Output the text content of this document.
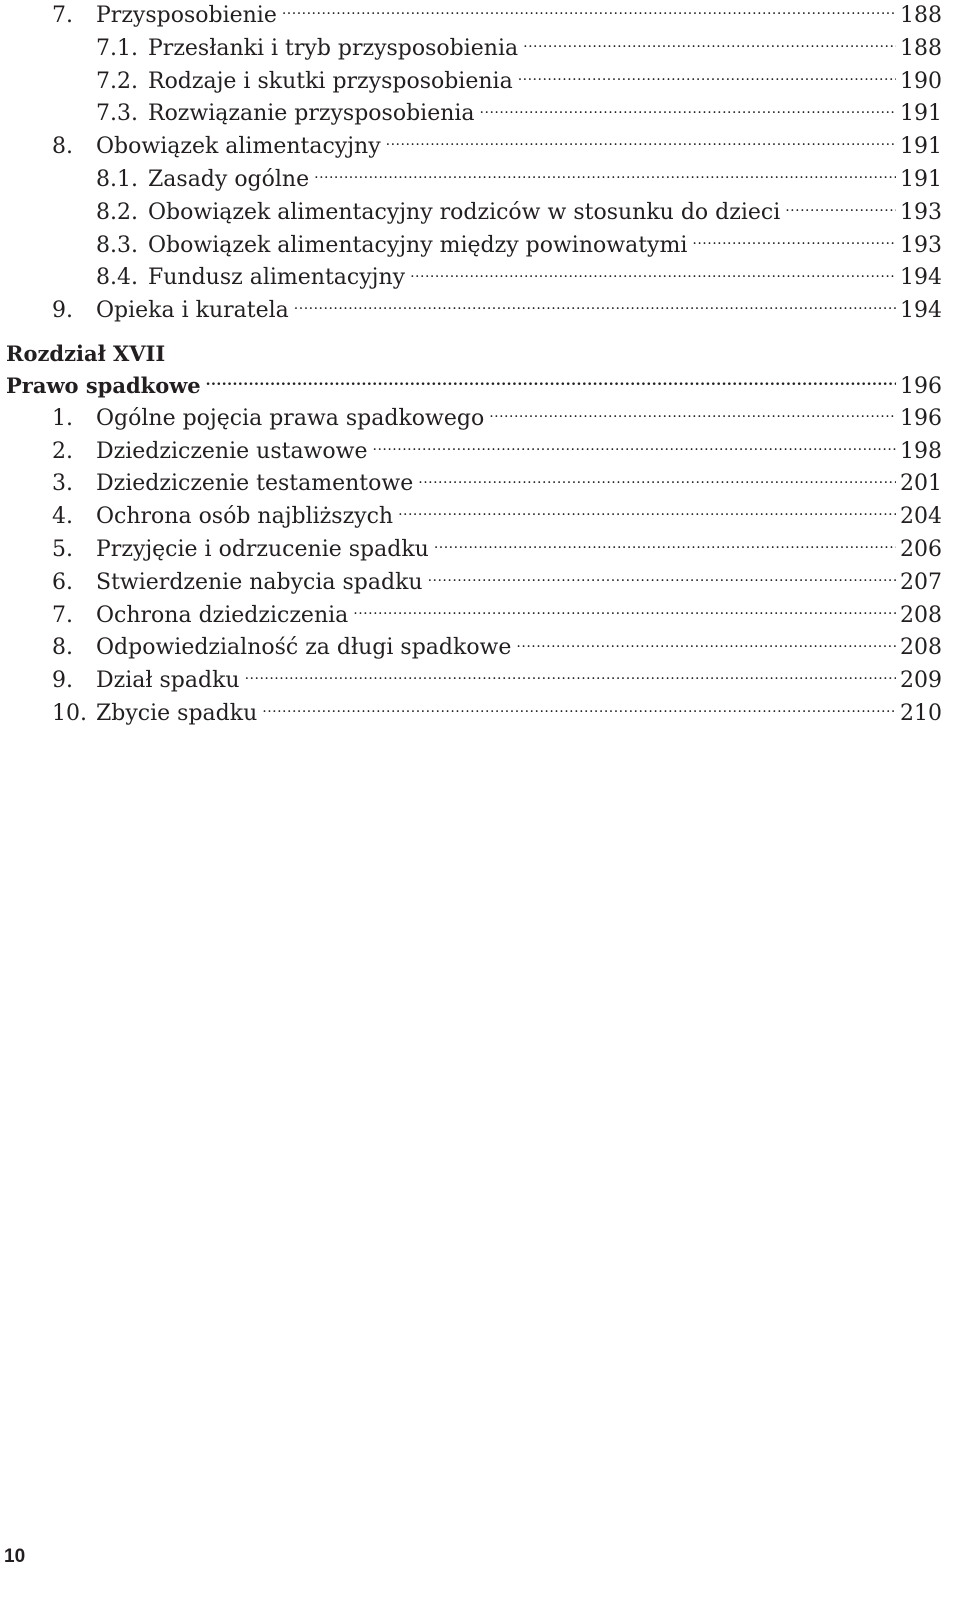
7.	Przysposobienie .....	188
7.1. Przesłanki i tryb przysposobienia .....	188
7.2. Rodzaje i skutki przysposobienia .....	190
7.3. Rozwiązanie przysposobienia .....	191
8.	Obowiązek alimentacyjny .....	191
8.1. Zasady ogólne .....	191
8.2. Obowiązek alimentacyjny rodziców w stosunku do dzieci .....	193
8.3. Obowiązek alimentacyjny między powinowatymi .....	193
8.4. Fundusz alimentacyjny .....	194
9.	Opieka i kuratela .....	194
Rozdział XVII
Prawo spadkowe .....	196
1.	Ogólne pojęcia prawa spadkowego .....	196
2.	Dziedziczenie ustawowe .....	198
3.	Dziedziczenie testamentowe .....	201
4.	Ochrona osób najbliższych .....	204
5.	Przyjęcie i odrzucenie spadku .....	206
6.	Stwierdzenie nabycia spadku .....	207
7.	Ochrona dziedziczenia .....	208
8.	Odpowiedzialność za długi spadkowe .....	208
9.	Dział spadku .....	209
10. Zbycie spadku .....	210
10
